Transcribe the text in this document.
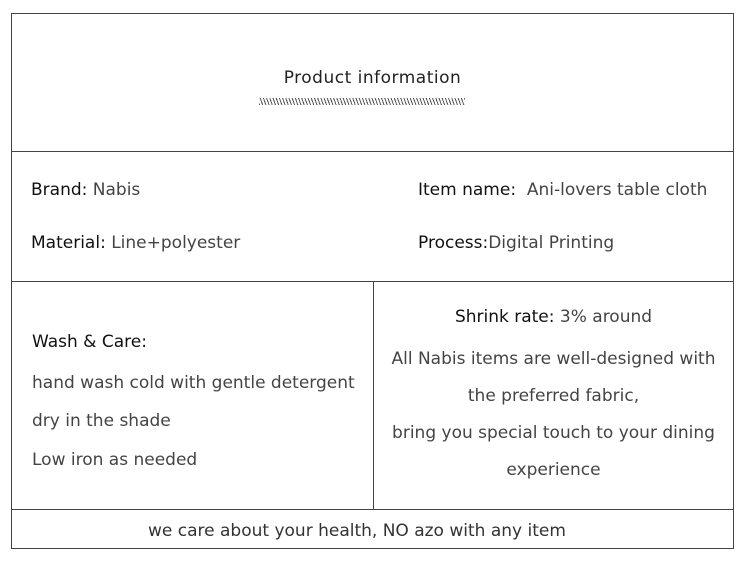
Product information
Brand: Nabis	Item name:  Ani-lovers table cloth
Material: Line+polyester	Process:Digital Printing
Wash & Care:
hand wash cold with gentle detergent
dry in the shade
Low iron as needed
Shrink rate: 3% around
All Nabis items are well-designed with
the preferred fabric,
bring you special touch to your dining
experience
we care about your health, NO azo with any item
